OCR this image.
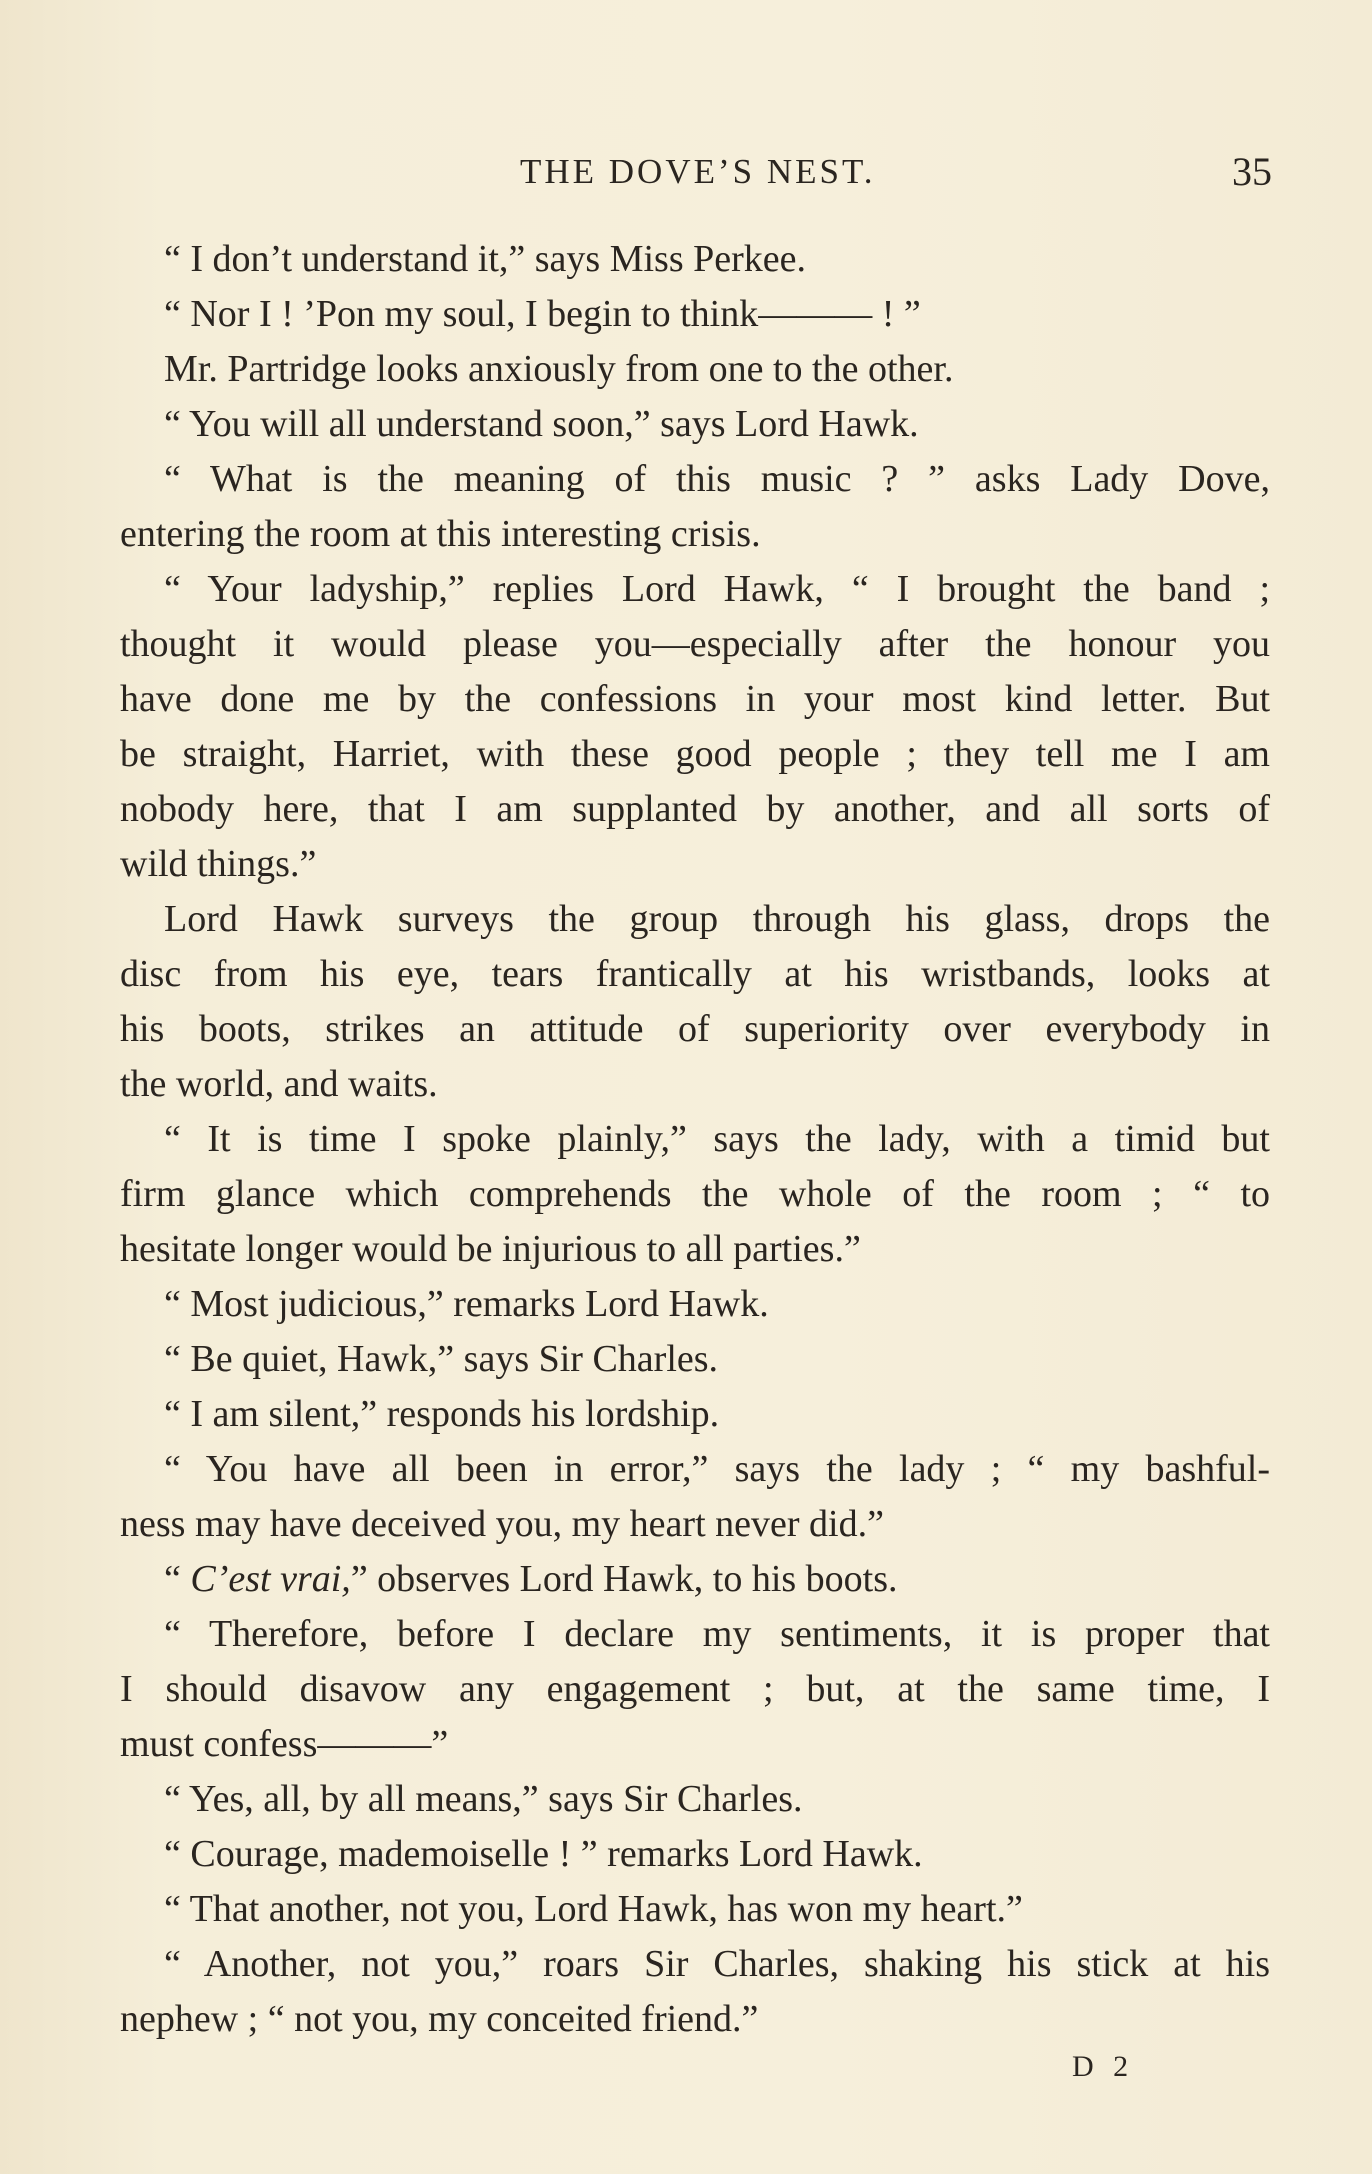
THE DOVE’S NEST.	35
“ I don’t understand it,” says Miss Perkee.
“ Nor I ! ’Pon my soul, I begin to think——— ! ”
Mr. Partridge looks anxiously from one to the other.
“ You will all understand soon,” says Lord Hawk.
“ What is the meaning of this music ? ” asks Lady Dove,
entering the room at this interesting crisis.
“ Your ladyship,” replies Lord Hawk, “ I brought the band ;
thought it would please you—especially after the honour you
have done me by the confessions in your most kind letter. But
be straight, Harriet, with these good people ; they tell me I am
nobody here, that I am supplanted by another, and all sorts of
wild things.”
Lord Hawk surveys the group through his glass, drops the
disc from his eye, tears frantically at his wristbands, looks at
his boots, strikes an attitude of superiority over everybody in
the world, and waits.
“ It is time I spoke plainly,” says the lady, with a timid but
firm glance which comprehends the whole of the room ; “ to
hesitate longer would be injurious to all parties.”
“ Most judicious,” remarks Lord Hawk.
“ Be quiet, Hawk,” says Sir Charles.
“ I am silent,” responds his lordship.
“ You have all been in error,” says the lady ; “ my bashful-
ness may have deceived you, my heart never did.”
“ C’est vrai,” observes Lord Hawk, to his boots.
“ Therefore, before I declare my sentiments, it is proper that
I should disavow any engagement ; but, at the same time, I
must confess———”
“ Yes, all, by all means,” says Sir Charles.
“ Courage, mademoiselle ! ” remarks Lord Hawk.
“ That another, not you, Lord Hawk, has won my heart.”
“ Another, not you,” roars Sir Charles, shaking his stick at his
nephew ; “ not you, my conceited friend.”
D 2
